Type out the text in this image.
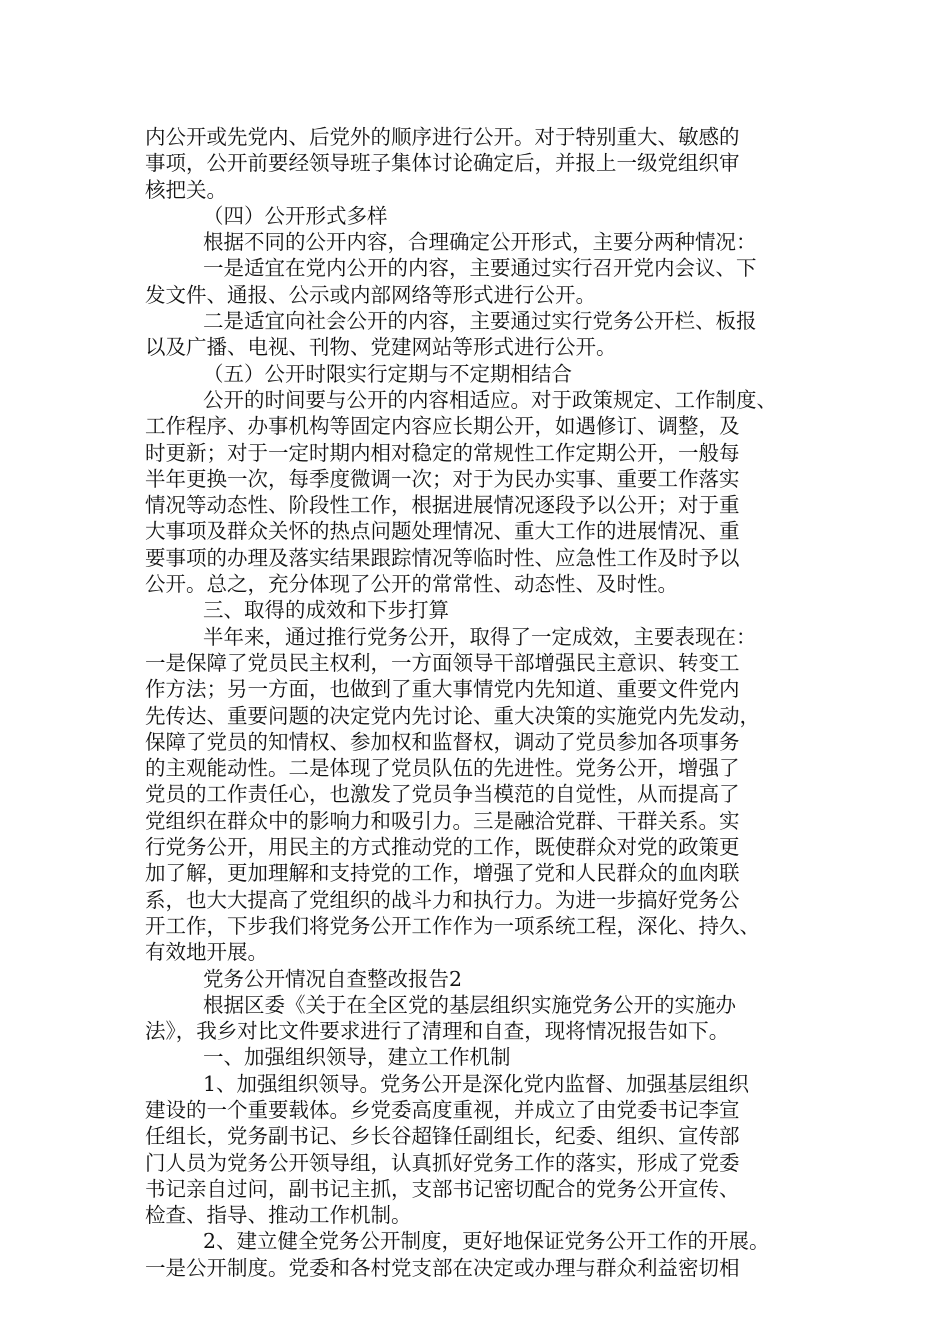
内公开或先党内、后党外的顺序进行公开。对于特别重大、敏感的
事项，公开前要经领导班子集体讨论确定后，并报上一级党组织审
核把关。
（四）公开形式多样
根据不同的公开内容，合理确定公开形式，主要分两种情况：
一是适宜在党内公开的内容，主要通过实行召开党内会议、下
发文件、通报、公示或内部网络等形式进行公开。
二是适宜向社会公开的内容，主要通过实行党务公开栏、板报
以及广播、电视、刊物、党建网站等形式进行公开。
（五）公开时限实行定期与不定期相结合
公开的时间要与公开的内容相适应。对于政策规定、工作制度、
工作程序、办事机构等固定内容应长期公开，如遇修订、调整，及
时更新；对于一定时期内相对稳定的常规性工作定期公开，一般每
半年更换一次，每季度微调一次；对于为民办实事、重要工作落实
情况等动态性、阶段性工作，根据进展情况逐段予以公开；对于重
大事项及群众关怀的热点问题处理情况、重大工作的进展情况、重
要事项的办理及落实结果跟踪情况等临时性、应急性工作及时予以
公开。总之，充分体现了公开的常常性、动态性、及时性。
三、取得的成效和下步打算
半年来，通过推行党务公开，取得了一定成效，主要表现在：
一是保障了党员民主权利，一方面领导干部增强民主意识、转变工
作方法；另一方面，也做到了重大事情党内先知道、重要文件党内
先传达、重要问题的决定党内先讨论、重大决策的实施党内先发动，
保障了党员的知情权、参加权和监督权，调动了党员参加各项事务
的主观能动性。二是体现了党员队伍的先进性。党务公开，增强了
党员的工作责任心，也激发了党员争当模范的自觉性，从而提高了
党组织在群众中的影响力和吸引力。三是融洽党群、干群关系。实
行党务公开，用民主的方式推动党的工作，既使群众对党的政策更
加了解，更加理解和支持党的工作，增强了党和人民群众的血肉联
系，也大大提高了党组织的战斗力和执行力。为进一步搞好党务公
开工作，下步我们将党务公开工作作为一项系统工程，深化、持久、
有效地开展。
党务公开情况自查整改报告2
根据区委《关于在全区党的基层组织实施党务公开的实施办
法》，我乡对比文件要求进行了清理和自查，现将情况报告如下。
一、加强组织领导，建立工作机制
1、加强组织领导。党务公开是深化党内监督、加强基层组织
建设的一个重要载体。乡党委高度重视，并成立了由党委书记李宣
任组长，党务副书记、乡长谷超锋任副组长，纪委、组织、宣传部
门人员为党务公开领导组，认真抓好党务工作的落实，形成了党委
书记亲自过问，副书记主抓，支部书记密切配合的党务公开宣传、
检查、指导、推动工作机制。
2、建立健全党务公开制度，更好地保证党务公开工作的开展。
一是公开制度。党委和各村党支部在决定或办理与群众利益密切相
